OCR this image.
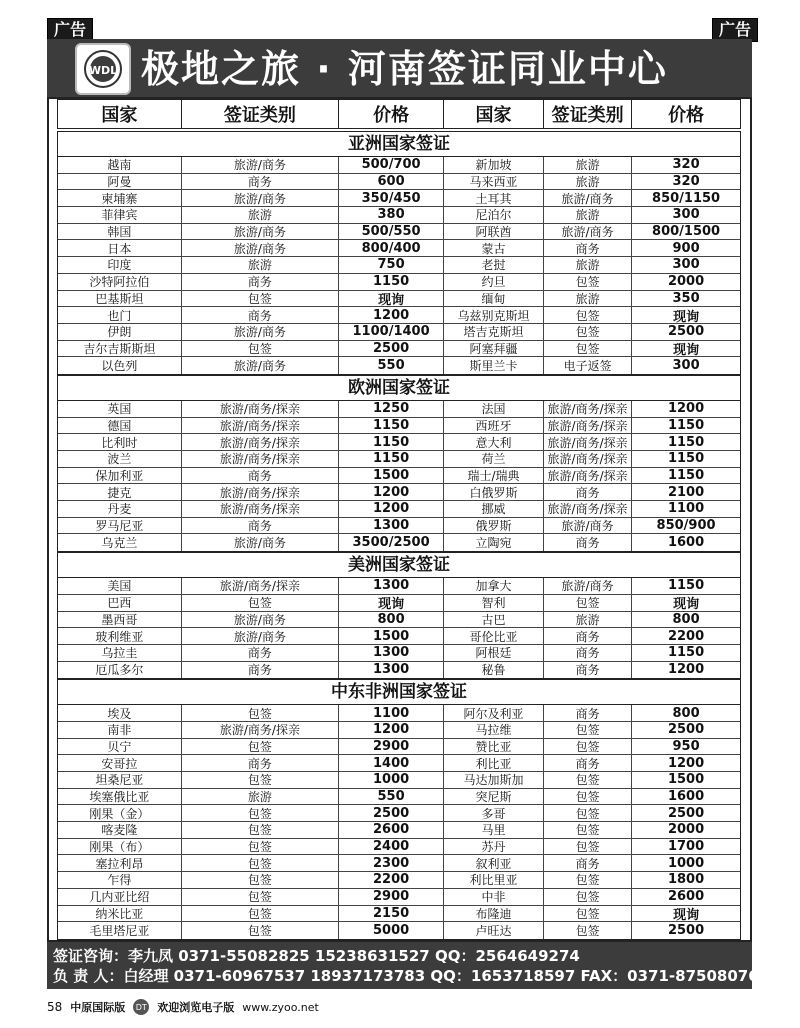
广告	广告
WDL 极地之旅 · 河南签证同业中心
国家	签证类别	价格	国家	签证类别	价格
亚洲国家签证
越南	旅游/商务	500/700	新加坡	旅游	320
阿曼	商务	600	马来西亚	旅游	320
柬埔寨	旅游/商务	350/450	土耳其	旅游/商务	850/1150
菲律宾	旅游	380	尼泊尔	旅游	300
韩国	旅游/商务	500/550	阿联酋	旅游/商务	800/1500
日本	旅游/商务	800/400	蒙古	商务	900
印度	旅游	750	老挝	旅游	300
沙特阿拉伯	商务	1150	约旦	包签	2000
巴基斯坦	包签	现询	缅甸	旅游	350
也门	商务	1200	乌兹别克斯坦	包签	现询
伊朗	旅游/商务	1100/1400	塔吉克斯坦	包签	2500
吉尔吉斯斯坦	包签	2500	阿塞拜疆	包签	现询
以色列	旅游/商务	550	斯里兰卡	电子返签	300
欧洲国家签证
英国	旅游/商务/探亲	1250	法国	旅游/商务/探亲	1200
德国	旅游/商务/探亲	1150	西班牙	旅游/商务/探亲	1150
比利时	旅游/商务/探亲	1150	意大利	旅游/商务/探亲	1150
波兰	旅游/商务/探亲	1150	荷兰	旅游/商务/探亲	1150
保加利亚	商务	1500	瑞士/瑞典	旅游/商务/探亲	1150
捷克	旅游/商务/探亲	1200	白俄罗斯	商务	2100
丹麦	旅游/商务/探亲	1200	挪威	旅游/商务/探亲	1100
罗马尼亚	商务	1300	俄罗斯	旅游/商务	850/900
乌克兰	旅游/商务	3500/2500	立陶宛	商务	1600
美洲国家签证
美国	旅游/商务/探亲	1300	加拿大	旅游/商务	1150
巴西	包签	现询	智利	包签	现询
墨西哥	旅游/商务	800	古巴	旅游	800
玻利维亚	旅游/商务	1500	哥伦比亚	商务	2200
乌拉圭	商务	1300	阿根廷	商务	1150
厄瓜多尔	商务	1300	秘鲁	商务	1200
中东非洲国家签证
埃及	包签	1100	阿尔及利亚	商务	800
南非	旅游/商务/探亲	1200	马拉维	包签	2500
贝宁	包签	2900	赞比亚	包签	950
安哥拉	商务	1400	利比亚	商务	1200
坦桑尼亚	包签	1000	马达加斯加	包签	1500
埃塞俄比亚	旅游	550	突尼斯	包签	1600
刚果（金）	包签	2500	多哥	包签	2500
喀麦隆	包签	2600	马里	包签	2000
刚果（布）	包签	2400	苏丹	包签	1700
塞拉利昂	包签	2300	叙利亚	商务	1000
乍得	包签	2200	利比里亚	包签	1800
几内亚比绍	包签	2900	中非	包签	2600
纳米比亚	包签	2150	布隆迪	包签	现询
毛里塔尼亚	包签	5000	卢旺达	包签	2500
签证咨询：李九凤 0371-55082825 15238631527 QQ：2564649274
负 责 人：白经理 0371-60967537 18937173783 QQ：1653718597 FAX：0371-87508076
58 中原国际版	DT 欢迎浏览电子版 www.zyoo.net
